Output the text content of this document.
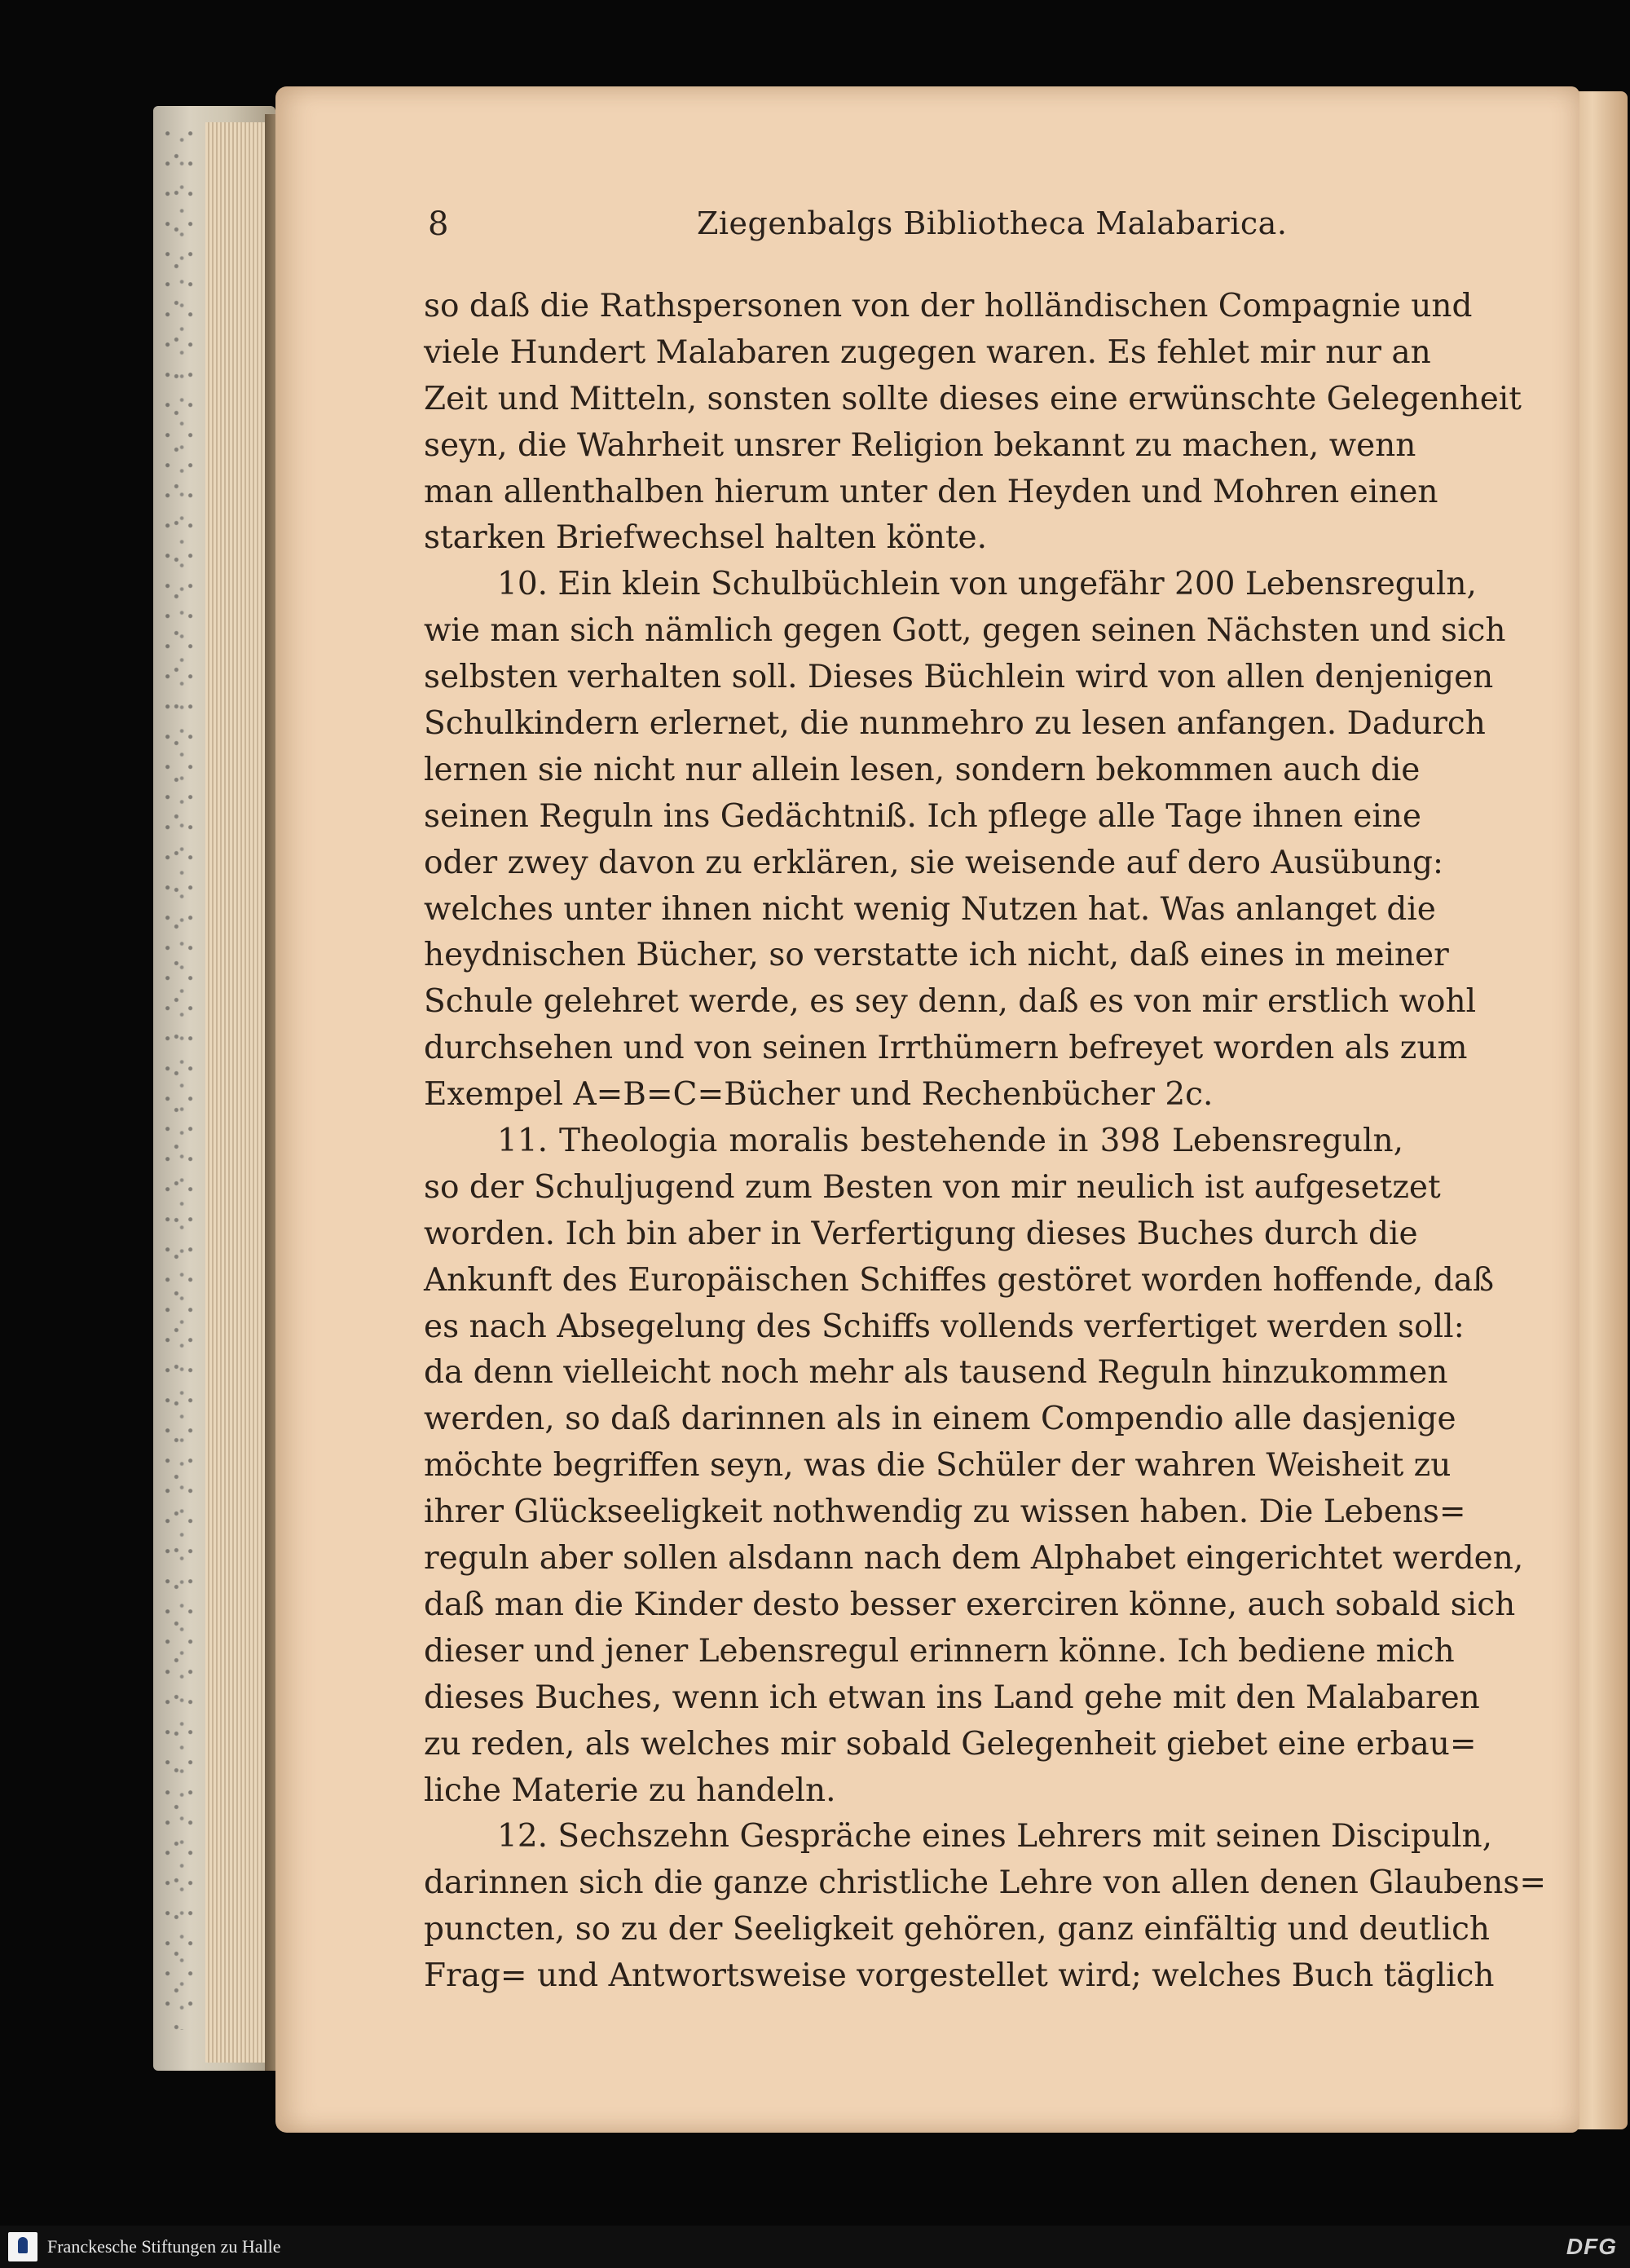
8	Ziegenbalgs Bibliotheca Malabarica.
so daß die Rathspersonen von der holländischen Compagnie und
viele Hundert Malabaren zugegen waren. Es fehlet mir nur an
Zeit und Mitteln, sonsten sollte dieses eine erwünschte Gelegenheit
seyn, die Wahrheit unsrer Religion bekannt zu machen, wenn
man allenthalben hierum unter den Heyden und Mohren einen
starken Briefwechsel halten könte.
10. Ein klein Schulbüchlein von ungefähr 200 Lebensreguln,
wie man sich nämlich gegen Gott, gegen seinen Nächsten und sich
selbsten verhalten soll. Dieses Büchlein wird von allen denjenigen
Schulkindern erlernet, die nunmehro zu lesen anfangen. Dadurch
lernen sie nicht nur allein lesen, sondern bekommen auch die
seinen Reguln ins Gedächtniß. Ich pflege alle Tage ihnen eine
oder zwey davon zu erklären, sie weisende auf dero Ausübung:
welches unter ihnen nicht wenig Nutzen hat. Was anlanget die
heydnischen Bücher, so verstatte ich nicht, daß eines in meiner
Schule gelehret werde, es sey denn, daß es von mir erstlich wohl
durchsehen und von seinen Irrthümern befreyet worden als zum
Exempel A=B=C=Bücher und Rechenbücher 2c.
11. Theologia moralis bestehende in 398 Lebensreguln,
so der Schuljugend zum Besten von mir neulich ist aufgesetzet
worden. Ich bin aber in Verfertigung dieses Buches durch die
Ankunft des Europäischen Schiffes gestöret worden hoffende, daß
es nach Absegelung des Schiffs vollends verfertiget werden soll:
da denn vielleicht noch mehr als tausend Reguln hinzukommen
werden, so daß darinnen als in einem Compendio alle dasjenige
möchte begriffen seyn, was die Schüler der wahren Weisheit zu
ihrer Glückseeligkeit nothwendig zu wissen haben. Die Lebens=
reguln aber sollen alsdann nach dem Alphabet eingerichtet werden,
daß man die Kinder desto besser exerciren könne, auch sobald sich
dieser und jener Lebensregul erinnern könne. Ich bediene mich
dieses Buches, wenn ich etwan ins Land gehe mit den Malabaren
zu reden, als welches mir sobald Gelegenheit giebet eine erbau=
liche Materie zu handeln.
12. Sechszehn Gespräche eines Lehrers mit seinen Discipuln,
darinnen sich die ganze christliche Lehre von allen denen Glaubens=
puncten, so zu der Seeligkeit gehören, ganz einfältig und deutlich
Frag= und Antwortsweise vorgestellet wird; welches Buch täglich
Franckesche Stiftungen zu Halle	DFG
